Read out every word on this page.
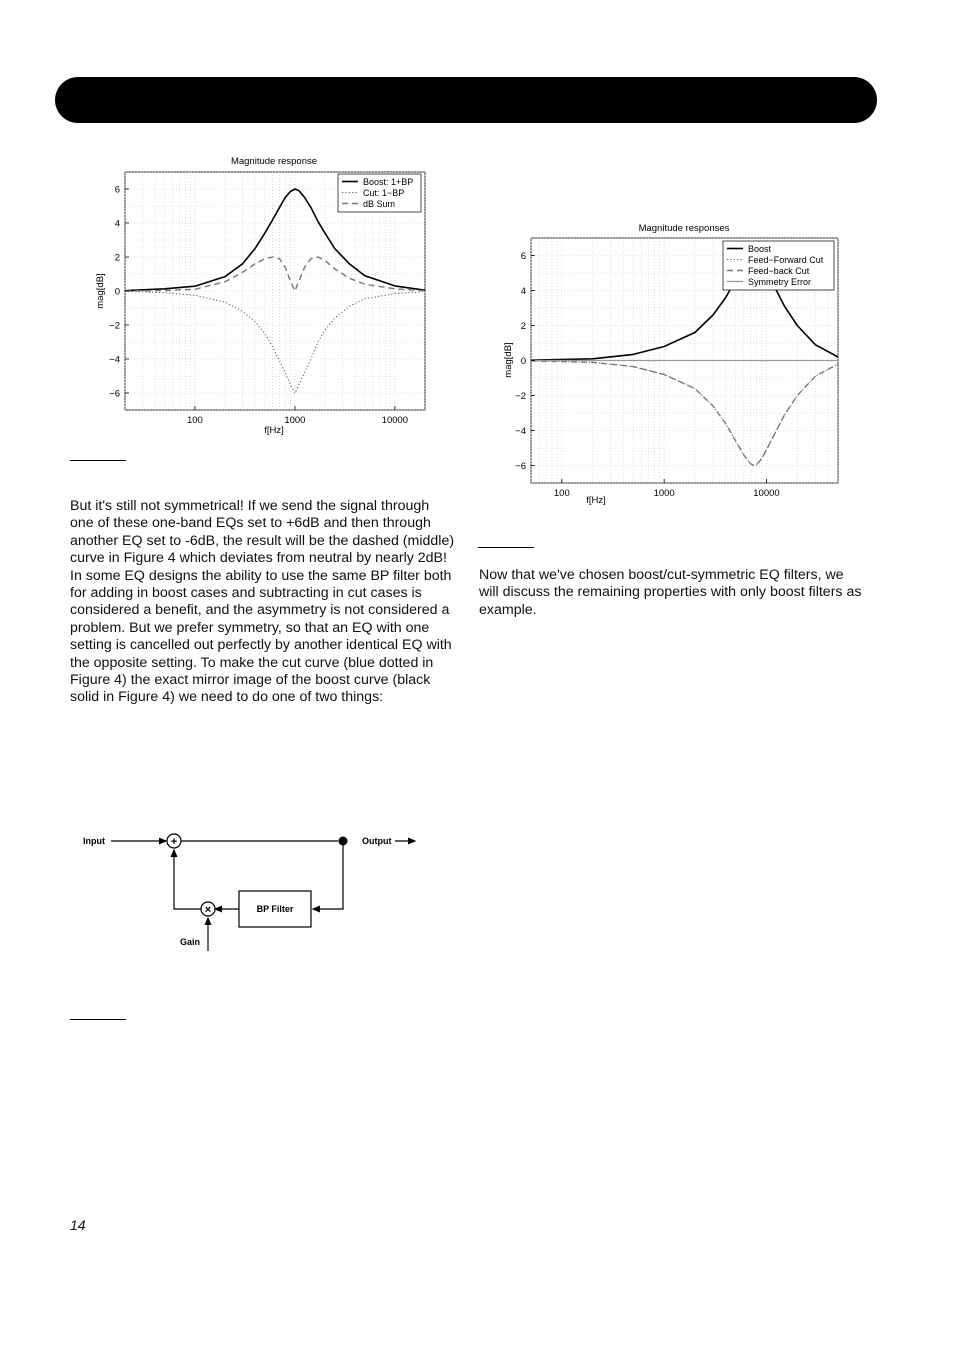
6
4
2
0
−2
−4
−6
100	1000	10000
Magnitude response
f[Hz]
mag[dB]
Boost: 1+BP
Cut: 1−BP
dB Sum
6
4
2
0
−2
−4
−6
100	1000	10000
Magnitude responses
f[Hz]
mag[dB]
Boost
Feed−Forward Cut
Feed−back Cut
Symmetry Error

But it's still not symmetrical! If we send the signal through one of these one-band EQs set to +6dB and then through another EQ set to -6dB, the result will be the dashed (middle) curve in Figure 4 which deviates from neutral by nearly 2dB!

In some EQ designs the ability to use the same BP filter both for adding in boost cases and subtracting in cut cases is considered a benefit, and the asymmetry is not considered a problem. But we prefer symmetry, so that an EQ with one setting is cancelled out perfectly by another identical EQ with the opposite setting. To make the cut curve (blue dotted in Figure 4) the exact mirror image of the boost curve (black solid in Figure 4) we need to do one of two things:

Now that we've chosen boost/cut-symmetric EQ filters, we will discuss the remaining properties with only boost filters as example.

Input	+	Output
BP Filter
×
Gain
14
